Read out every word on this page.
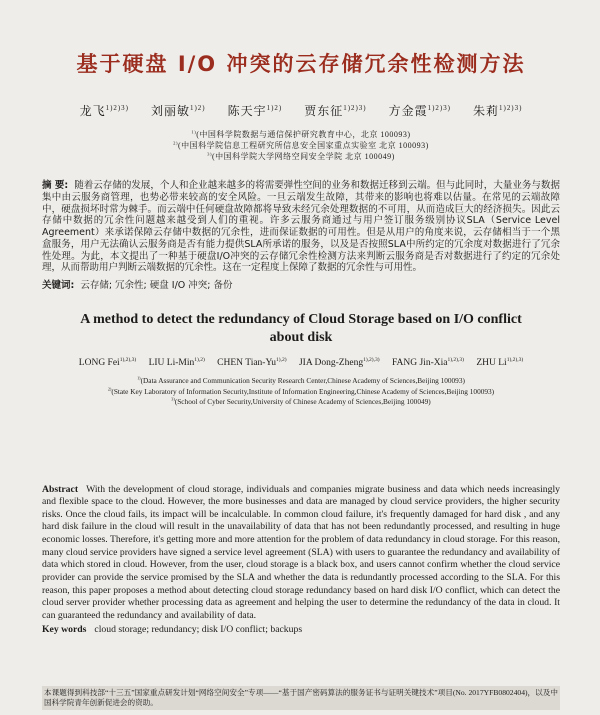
基于硬盘 I/O 冲突的云存储冗余性检测方法
龙飞$^{1)2)3)}$ 刘丽敏$^{1)2)}$ 陈天宇$^{1)2)}$ 贾东征$^{1)2)3)}$ 方金霞$^{1)2)3)}$ 朱莉$^{1)2)3)}$
$^{1)}$(中国科学院数据与通信保护研究教育中心，北京 100093)
$^{2)}$(中国科学院信息工程研究所信息安全国家重点实验室 北京 100093)
$^{3)}$(中国科学院大学网络空间安全学院 北京 100049)

摘 要: 随着云存储的发展，个人和企业越来越多的将需要弹性空间的业务和数据迁移到云端。但与此同时，大量业务与数据集中由云服务商管理，也势必带来较高的安全风险。一旦云端发生故障，其带来的影响也将难以估量。在常见的云端故障中，硬盘损坏时常为棘手。而云端中任何硬盘故障都将导致未经冗余处理数据的不可用，从而造成巨大的经济损失。因此云存储中数据的冗余性问题越来越受到人们的重视。许多云服务商通过与用户签订服务级别协议SLA（Service Level Agreement）来承诺保障云存储中数据的冗余性，进而保证数据的可用性。但是从用户的角度来说，云存储相当于一个黑盒服务，用户无法确认云服务商是否有能力提供SLA所承诺的服务，以及是否按照SLA中所约定的冗余度对数据进行了冗余性处理。为此，本文提出了一种基于硬盘I/O冲突的云存储冗余性检测方法来判断云服务商是否对数据进行了约定的冗余处理，从而帮助用户判断云端数据的冗余性。这在一定程度上保障了数据的冗余性与可用性。

关键词: 云存储; 冗余性; 硬盘 I/O 冲突; 备份

A method to detect the redundancy of Cloud Storage based on I/O conflict about disk
LONG Fei$^{1),2),3)}$ LIU Li-Min$^{1),2)}$ CHEN Tian-$Yu^{1),2)}$ JIA Dong-Zheng$^{1),2),3)}$ FANG Jin-Xia$^{1),2),3)}$ ZHU $Li^{1),2),3)}$
$^{1)}$(Data Assurance and Communication Security Research Center,Chinese Academy of Sciences,Beijing 100093)
$^{2)}$(State Key Laboratory of Information Security,Institute of Information Engineering,Chinese Academy of Sciences,Beijing 100093)
$^{3)}$(School of Cyber Security,University of Chinese Academy of Sciences,Beijing 100049)

Abstract With the development of cloud storage, individuals and companies migrate business and data which needs increasingly and flexible space to the cloud. However, the more businesses and data are managed by cloud service providers, the higher security risks. Once the cloud fails, its impact will be incalculable. In common cloud failure, it's frequently damaged for hard disk , and any hard disk failure in the cloud will result in the unavailability of data that has not been redundantly processed, and resulting in huge economic losses. Therefore, it's getting more and more attention for the problem of data redundancy in cloud storage. For this reason, many cloud service providers have signed a service level agreement (SLA) with users to guarantee the redundancy and availability of data which stored in cloud. However, from the user, cloud storage is a black box, and users cannot confirm whether the cloud service provider can provide the service promised by the SLA and whether the data is redundantly processed according to the SLA. For this reason, this paper proposes a method about detecting cloud storage redundancy based on hard disk I/O conflict, which can detect the cloud server provider whether processing data as agreement and helping the user to determine the redundancy of the data in cloud. It can guaranteed the redundancy and availability of data.

Key words cloud storage; redundancy; disk I/O conflict; backups

本课题得到科技部“十三五”国家重点研发计划“网络空间安全”专项——“基于国产密码算法的服务证书与证明关键技术”项目(No. 2017YFB0802404)，以及中国科学院青年创新促进会的资助。
